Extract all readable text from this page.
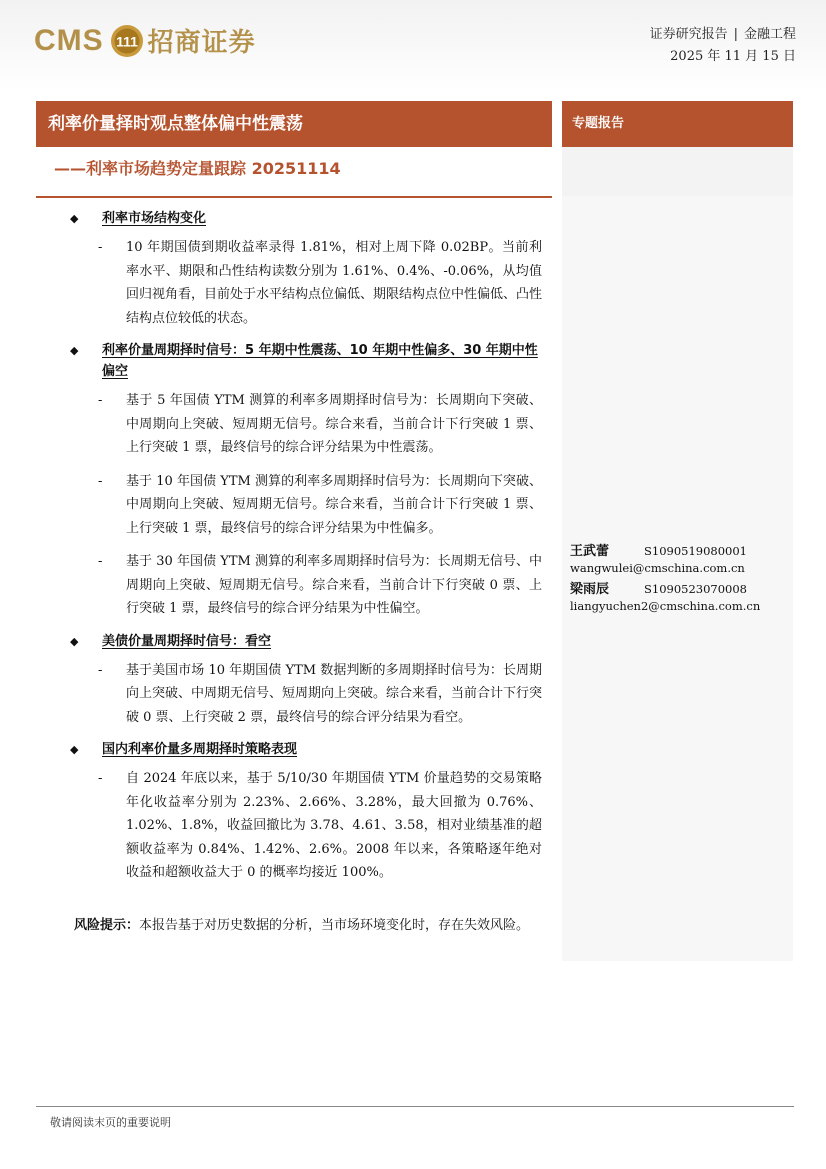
CMS 111 招商证券	证券研究报告 | 金融工程
2025 年 11 月 15 日
利率价量择时观点整体偏中性震荡
——利率市场趋势定量跟踪 20251114
专题报告
◆ 利率市场结构变化
- 10 年期国债到期收益率录得 1.81%，相对上周下降 0.02BP。当前利率水平、期限和凸性结构读数分别为 1.61%、0.4%、-0.06%，从均值回归视角看，目前处于水平结构点位偏低、期限结构点位中性偏低、凸性结构点位较低的状态。
◆ 利率价量周期择时信号：5 年期中性震荡、10 年期中性偏多、30 年期中性偏空
- 基于 5 年国债 YTM 测算的利率多周期择时信号为：长周期向下突破、中周期向上突破、短周期无信号。综合来看，当前合计下行突破 1 票、上行突破 1 票，最终信号的综合评分结果为中性震荡。
- 基于 10 年国债 YTM 测算的利率多周期择时信号为：长周期向下突破、中周期向上突破、短周期无信号。综合来看，当前合计下行突破 1 票、上行突破 1 票，最终信号的综合评分结果为中性偏多。
- 基于 30 年国债 YTM 测算的利率多周期择时信号为：长周期无信号、中周期向上突破、短周期无信号。综合来看，当前合计下行突破 0 票、上行突破 1 票，最终信号的综合评分结果为中性偏空。
◆ 美债价量周期择时信号：看空
- 基于美国市场 10 年期国债 YTM 数据判断的多周期择时信号为：长周期向上突破、中周期无信号、短周期向上突破。综合来看，当前合计下行突破 0 票、上行突破 2 票，最终信号的综合评分结果为看空。
◆ 国内利率价量多周期择时策略表现
- 自 2024 年底以来，基于 5/10/30 年期国债 YTM 价量趋势的交易策略年化收益率分别为 2.23%、2.66%、3.28%，最大回撤为 0.76%、1.02%、1.8%，收益回撤比为 3.78、4.61、3.58，相对业绩基准的超额收益率为 0.84%、1.42%、2.6%。2008 年以来，各策略逐年绝对收益和超额收益大于 0 的概率均接近 100%。
风险提示：本报告基于对历史数据的分析，当市场环境变化时，存在失效风险。
王武蕾	S1090519080001
wangwulei@cmschina.com.cn
梁雨辰	S1090523070008
liangyuchen2@cmschina.com.cn
敬请阅读末页的重要说明
